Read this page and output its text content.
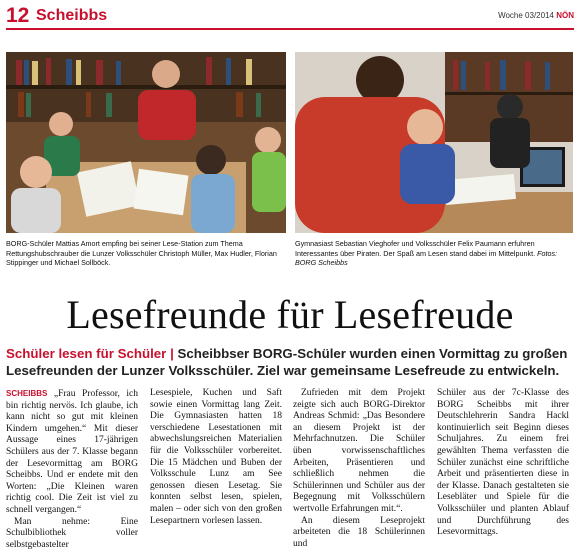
12 Scheibbs	Woche 03/2014 NÖN
BORG-Schüler Mattias Amort empfing bei seiner Lese-Station zum Thema Rettungshubschrauber die Lunzer Volksschüler Christoph Müller, Max Hudler, Florian Stippinger und Michael Sollböck.
Gymnasiast Sebastian Vieghofer und Volksschüler Felix Paumann erfuhren Interessantes über Piraten. Der Spaß am Lesen stand dabei im Mittelpunkt. Fotos: BORG Scheibbs
Lesefreunde für Lesefreude
Schüler lesen für Schüler | Scheibbser BORG-Schüler wurden einen Vormittag zu großen Lesefreunden der Lunzer Volksschüler. Ziel war gemeinsame Lesefreude zu entwickeln.

SCHEIBBS „Frau Professor, ich bin richtig nervös. Ich glaube, ich kann nicht so gut mit kleinen Kindern umgehen.“ Mit dieser Aussage eines 17-jährigen Schülers aus der 7. Klasse begann der Lesevormittag am BORG Scheibbs. Und er endete mit den Worten: „Die Kleinen waren richtig cool. Die Zeit ist viel zu schnell vergangen.“

Man nehme: Eine Schulbibliothek voller selbstgebastelter

Lesespiele, Kuchen und Saft sowie einen Vormittag lang Zeit. Die Gymnasiasten hatten 18 verschiedene Lesestationen mit abwechslungsreichen Materialien für die Volksschüler vorbereitet. Die 15 Mädchen und Buben der Volksschule Lunz am See genossen diesen Lesetag. Sie konnten selbst lesen, spielen, malen – oder sich von den großen Lesepartnern vorlesen lassen.

Zufrieden mit dem Projekt zeigte sich auch BORG-Direktor Andreas Schmid: „Das Besondere an diesem Projekt ist der Mehrfachnutzen. Die Schüler üben vorwissenschaftliches Arbeiten, Präsentieren und schließlich nehmen die Schülerinnen und Schüler aus der Begegnung mit Volksschülern wertvolle Erfahrungen mit.“.

An diesem Leseprojekt arbeiteten die 18 Schülerinnen und

Schüler aus der 7c-Klasse des BORG Scheibbs mit ihrer Deutschlehrerin Sandra Hackl kontinuierlich seit Beginn dieses Schuljahres. Zu einem frei gewählten Thema verfassten die Schüler zunächst eine schriftliche Arbeit und präsentierten diese in der Klasse. Danach gestalteten sie Lesebläter und Spiele für die Volksschüler und planten Ablauf und Durchführung des Lesevormittags.
